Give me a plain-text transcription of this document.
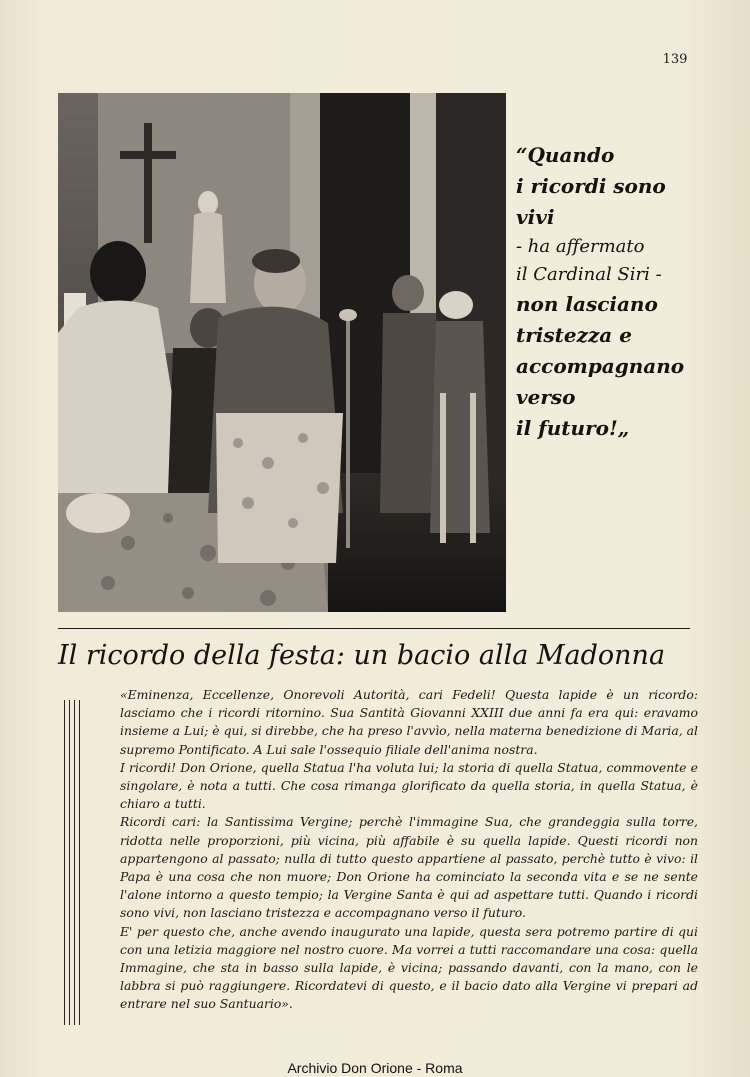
139
“Quando
i ricordi sono
vivi
- ha affermato
il Cardinal Siri -
non lasciano
tristezza e
accompagnano
verso
il futuro!„
Il ricordo della festa: un bacio alla Madonna

«Eminenza, Eccellenze, Onorevoli Autorità, cari Fedeli! Questa lapide è un ricordo: lasciamo che i ricordi ritornino. Sua Santità Giovanni XXIII due anni fa era qui: eravamo insieme a Lui; è qui, si direbbe, che ha preso l'avvìo, nella materna benedizione di Maria, al supremo Pontificato. A Lui sale l'ossequio filiale dell'anima nostra.

I ricordi! Don Orione, quella Statua l'ha voluta lui; la storia di quella Statua, commovente e singolare, è nota a tutti. Che cosa rimanga glorificato da quella storia, in quella Statua, è chiaro a tutti.

Ricordi cari: la Santissima Vergine; perchè l'immagine Sua, che grandeggia sulla torre, ridotta nelle proporzioni, più vicina, più affabile è su quella lapide. Questi ricordi non appartengono al passato; nulla di tutto questo appartiene al passato, perchè tutto è vivo: il Papa è una cosa che non muore; Don Orione ha cominciato la seconda vita e se ne sente l'alone intorno a questo tempio; la Vergine Santa è qui ad aspettare tutti. Quando i ricordi sono vivi, non lasciano tristezza e accompagnano verso il futuro.

E' per questo che, anche avendo inaugurato una lapide, questa sera potremo partire di qui con una letizia maggiore nel nostro cuore. Ma vorrei a tutti raccomandare una cosa: quella Immagine, che sta in basso sulla lapide, è vicina; passando davanti, con la mano, con le labbra si può raggiungere. Ricordatevi di questo, e il bacio dato alla Vergine vi prepari ad entrare nel suo Santuario».

Archivio Don Orione - Roma
